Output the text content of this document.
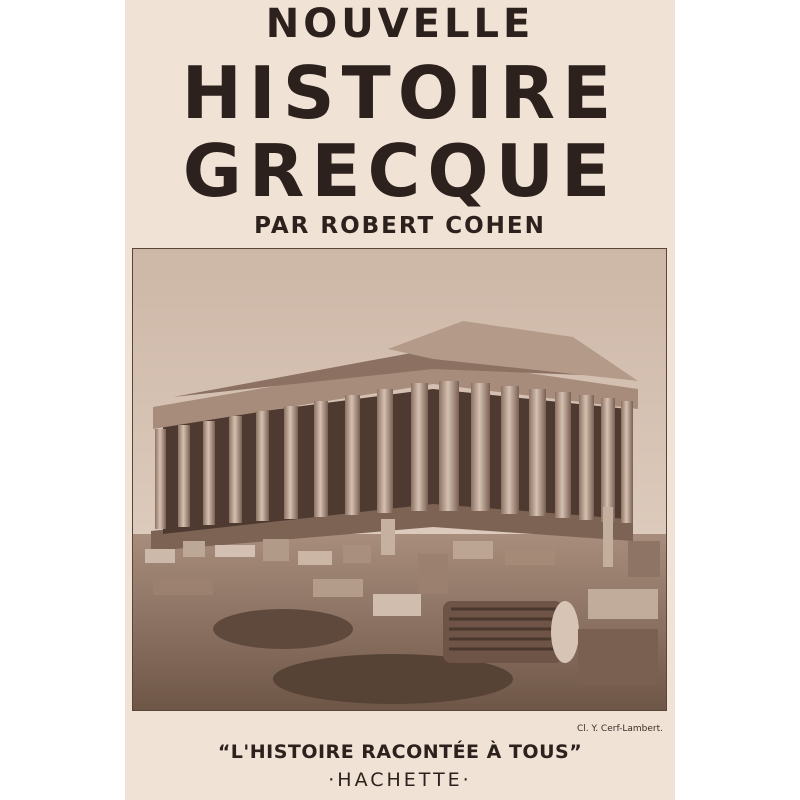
NOUVELLE
HISTOIRE
GRECQUE
PAR ROBERT COHEN
Cl. Y. Cerf-Lambert.
“L'HISTOIRE RACONTÉE À TOUS”
·HACHETTE·
